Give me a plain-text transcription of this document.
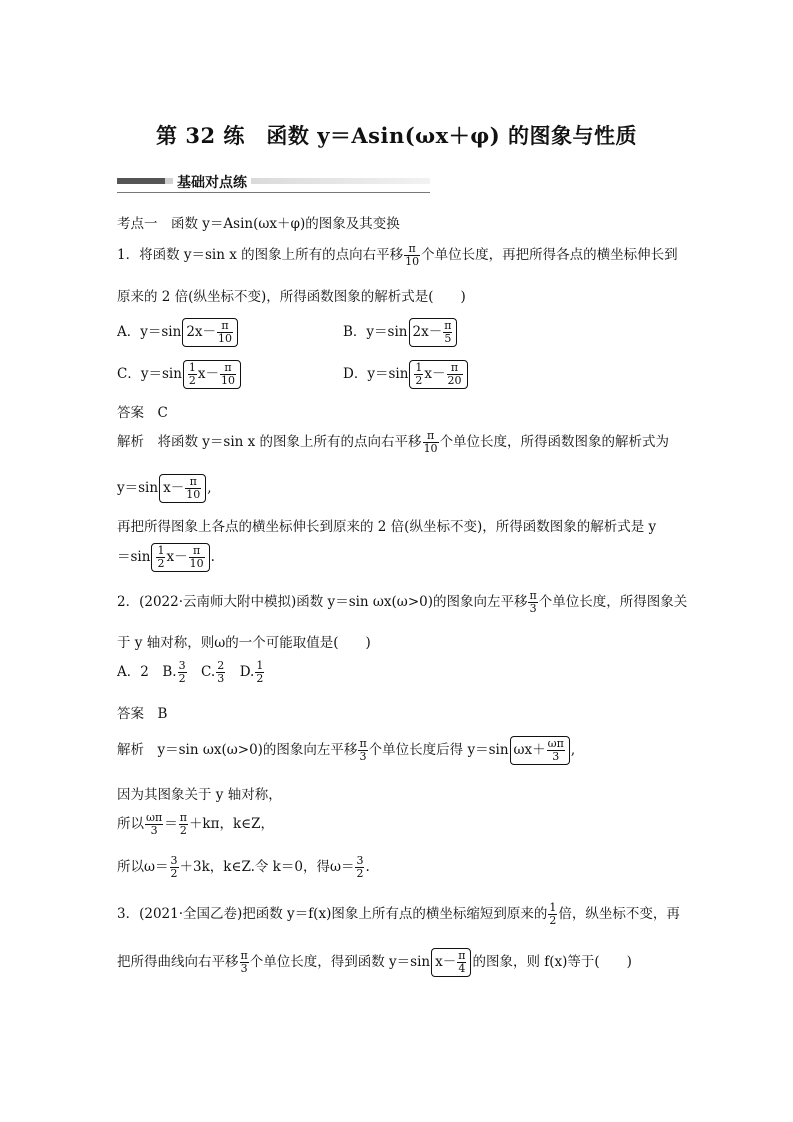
第 32 练　函数 y＝Asin(ωx＋φ) 的图象与性质
基础对点练
考点一　函数 y＝Asin(ωx＋φ)的图象及其变换
1．将函数 y＝sin x 的图象上所有的点向右平移 $\frac{\pi}{10}$ 个单位长度，再把所得各点的横坐标伸长到
原来的 2 倍(纵坐标不变)，所得函数图象的解析式是(　　)
A．y＝sin $2x- \frac{\pi}{10}$	B．y＝sin $2x- \frac{\pi}{5}$
C．$y=\sin \frac{1}{2} x- \frac{\pi}{10}$	D．$y=\sin \frac{1}{2} x- \frac{\pi}{20}$
答案　C
解析　将函数 y＝sin x 的图象上所有的点向右平移 $\frac{\pi}{10}$ 个单位长度，所得函数图象的解析式为
y＝sin $x- \frac{\pi}{10}$ ,
再把所得图象上各点的横坐标伸长到原来的 2 倍(纵坐标不变)，所得函数图象的解析式是 y
$=\sin \frac{1}{2} x- \frac{\pi}{10}$ .
2．(2022·云南师大附中模拟)函数 y＝sin ωx(ω>0)的图象向左平移 $\frac{\pi}{3}$ 个单位长度，所得图象关
于 y 轴对称，则ω的一个可能取值是(　　)
A．2　B. $\frac{3}{2}$ 　C. $\frac{2}{3}$ 　D. $\frac{1}{2}$
答案　B
解析　y＝sin ωx(ω>0)的图象向左平移 $\frac{\pi}{3}$ 个单位长度后得 y＝sin $\omega x+ \frac{\omega\pi}{3}$ ,
因为其图象关于 y 轴对称，
所以 $\frac{\omega\pi}{3} = \frac{\pi}{2} +k\pi$，k∈Z，
所以$\omega= \frac{3}{2} +3k$，k∈Z.令 k＝0，得$\omega= \frac{3}{2}$ .
3．(2021·全国乙卷)把函数 y＝f(x)图象上所有点的横坐标缩短到原来的 $\frac{1}{2}$ 倍，纵坐标不变，再
把所得曲线向右平移 $\frac{\pi}{3}$ 个单位长度，得到函数 y＝sin $x- \frac{\pi}{4}$ 的图象，则 f(x)等于(　　)
